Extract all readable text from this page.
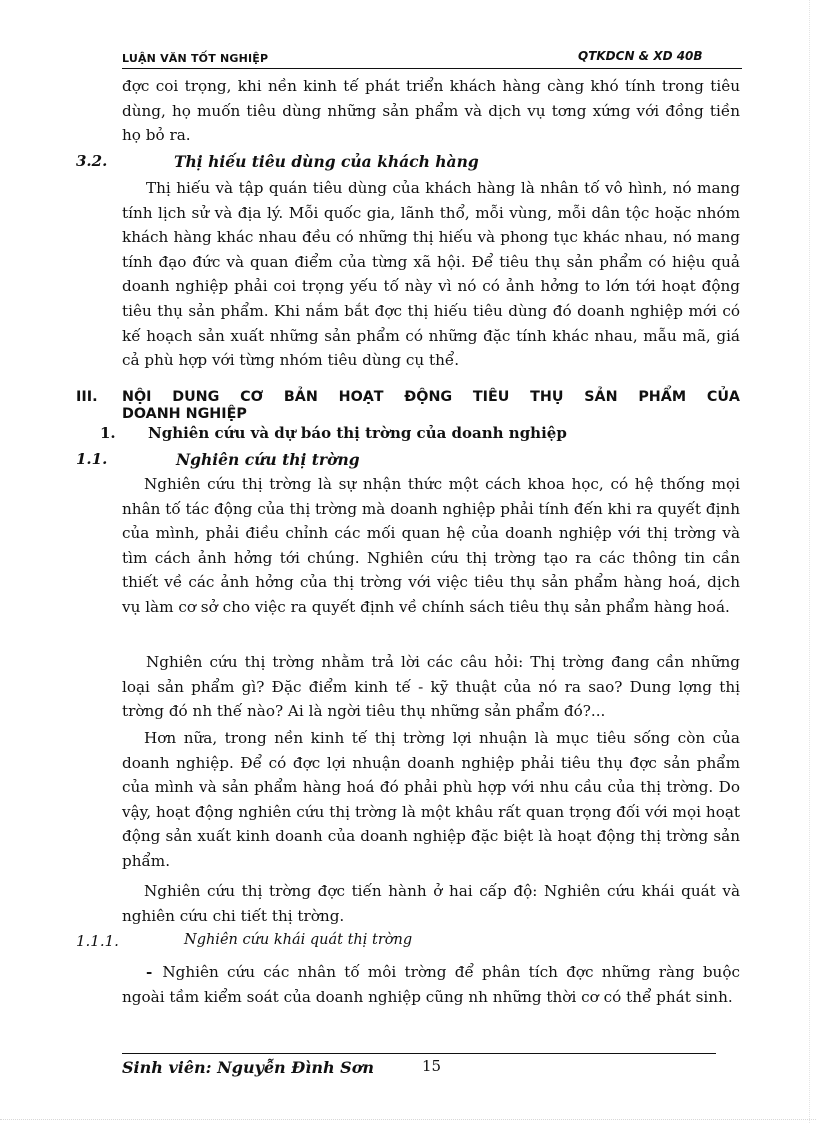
LUẬN VĂN TỐT NGHIỆP	QTKDCN & XD 40B

đợc coi trọng, khi nền kinh tế phát triển khách hàng càng khó tính trong tiêu dùng, họ muốn tiêu dùng những sản phẩm và dịch vụ tơng xứng với đồng tiền họ bỏ ra.

3.2.	Thị hiếu tiêu dùng của khách hàng

Thị hiếu và tập quán tiêu dùng của khách hàng là nhân tố vô hình, nó mang tính lịch sử và địa lý. Mỗi quốc gia, lãnh thổ, mỗi vùng, mỗi dân tộc hoặc nhóm khách hàng khác nhau đều có những thị hiếu và phong tục khác nhau, nó mang tính đạo đức và quan điểm của từng xã hội. Để tiêu thụ sản phẩm có hiệu quả doanh nghiệp phải coi trọng yếu tố này vì nó có ảnh hởng to lớn tới hoạt động tiêu thụ sản phẩm. Khi nắm bắt đợc thị hiếu tiêu dùng đó doanh nghiệp mới có kế hoạch sản xuất những sản phẩm có những đặc tính khác nhau, mẫu mã, giá cả phù hợp với từng nhóm tiêu dùng cụ thể.

III. NỘI DUNG CƠ BẢN HOẠT ĐỘNG TIÊU THỤ SẢN PHẨM CỦA
DOANH NGHIỆP
1. Nghiên cứu và dự báo thị trờng của doanh nghiệp
1.1.	Nghiên cứu thị trờng

Nghiên cứu thị trờng là sự nhận thức một cách khoa học, có hệ thống mọi nhân tố tác động của thị trờng mà doanh nghiệp phải tính đến khi ra quyết định của mình, phải điều chỉnh các mối quan hệ của doanh nghiệp với thị trờng và tìm cách ảnh hởng tới chúng. Nghiên cứu thị trờng tạo ra các thông tin cần thiết về các ảnh hởng của thị trờng với việc tiêu thụ sản phẩm hàng hoá, dịch vụ làm cơ sở cho việc ra quyết định về chính sách tiêu thụ sản phẩm hàng hoá.

Nghiên cứu thị trờng nhằm trả lời các câu hỏi: Thị trờng đang cần những loại sản phẩm gì? Đặc điểm kinh tế - kỹ thuật của nó ra sao? Dung lợng thị trờng đó nh thế nào? Ai là ngời tiêu thụ những sản phẩm đó?...

Hơn nữa, trong nền kinh tế thị trờng lợi nhuận là mục tiêu sống còn của doanh nghiệp. Để có đợc lợi nhuận doanh nghiệp phải tiêu thụ đợc sản phẩm của mình và sản phẩm hàng hoá đó phải phù hợp với nhu cầu của thị trờng. Do vậy, hoạt động nghiên cứu thị trờng là một khâu rất quan trọng đối với mọi hoạt động sản xuất kinh doanh của doanh nghiệp đặc biệt là hoạt động thị trờng sản phẩm.

Nghiên cứu thị trờng đợc tiến hành ở hai cấp độ: Nghiên cứu khái quát và nghiên cứu chi tiết thị trờng.

1.1.1.	Nghiên cứu khái quát thị trờng

- Nghiên cứu các nhân tố môi trờng để phân tích đợc những ràng buộc ngoài tầm kiểm soát của doanh nghiệp cũng nh những thời cơ có thể phát sinh.

Sinh viên: Nguyễn Đình Sơn	15
